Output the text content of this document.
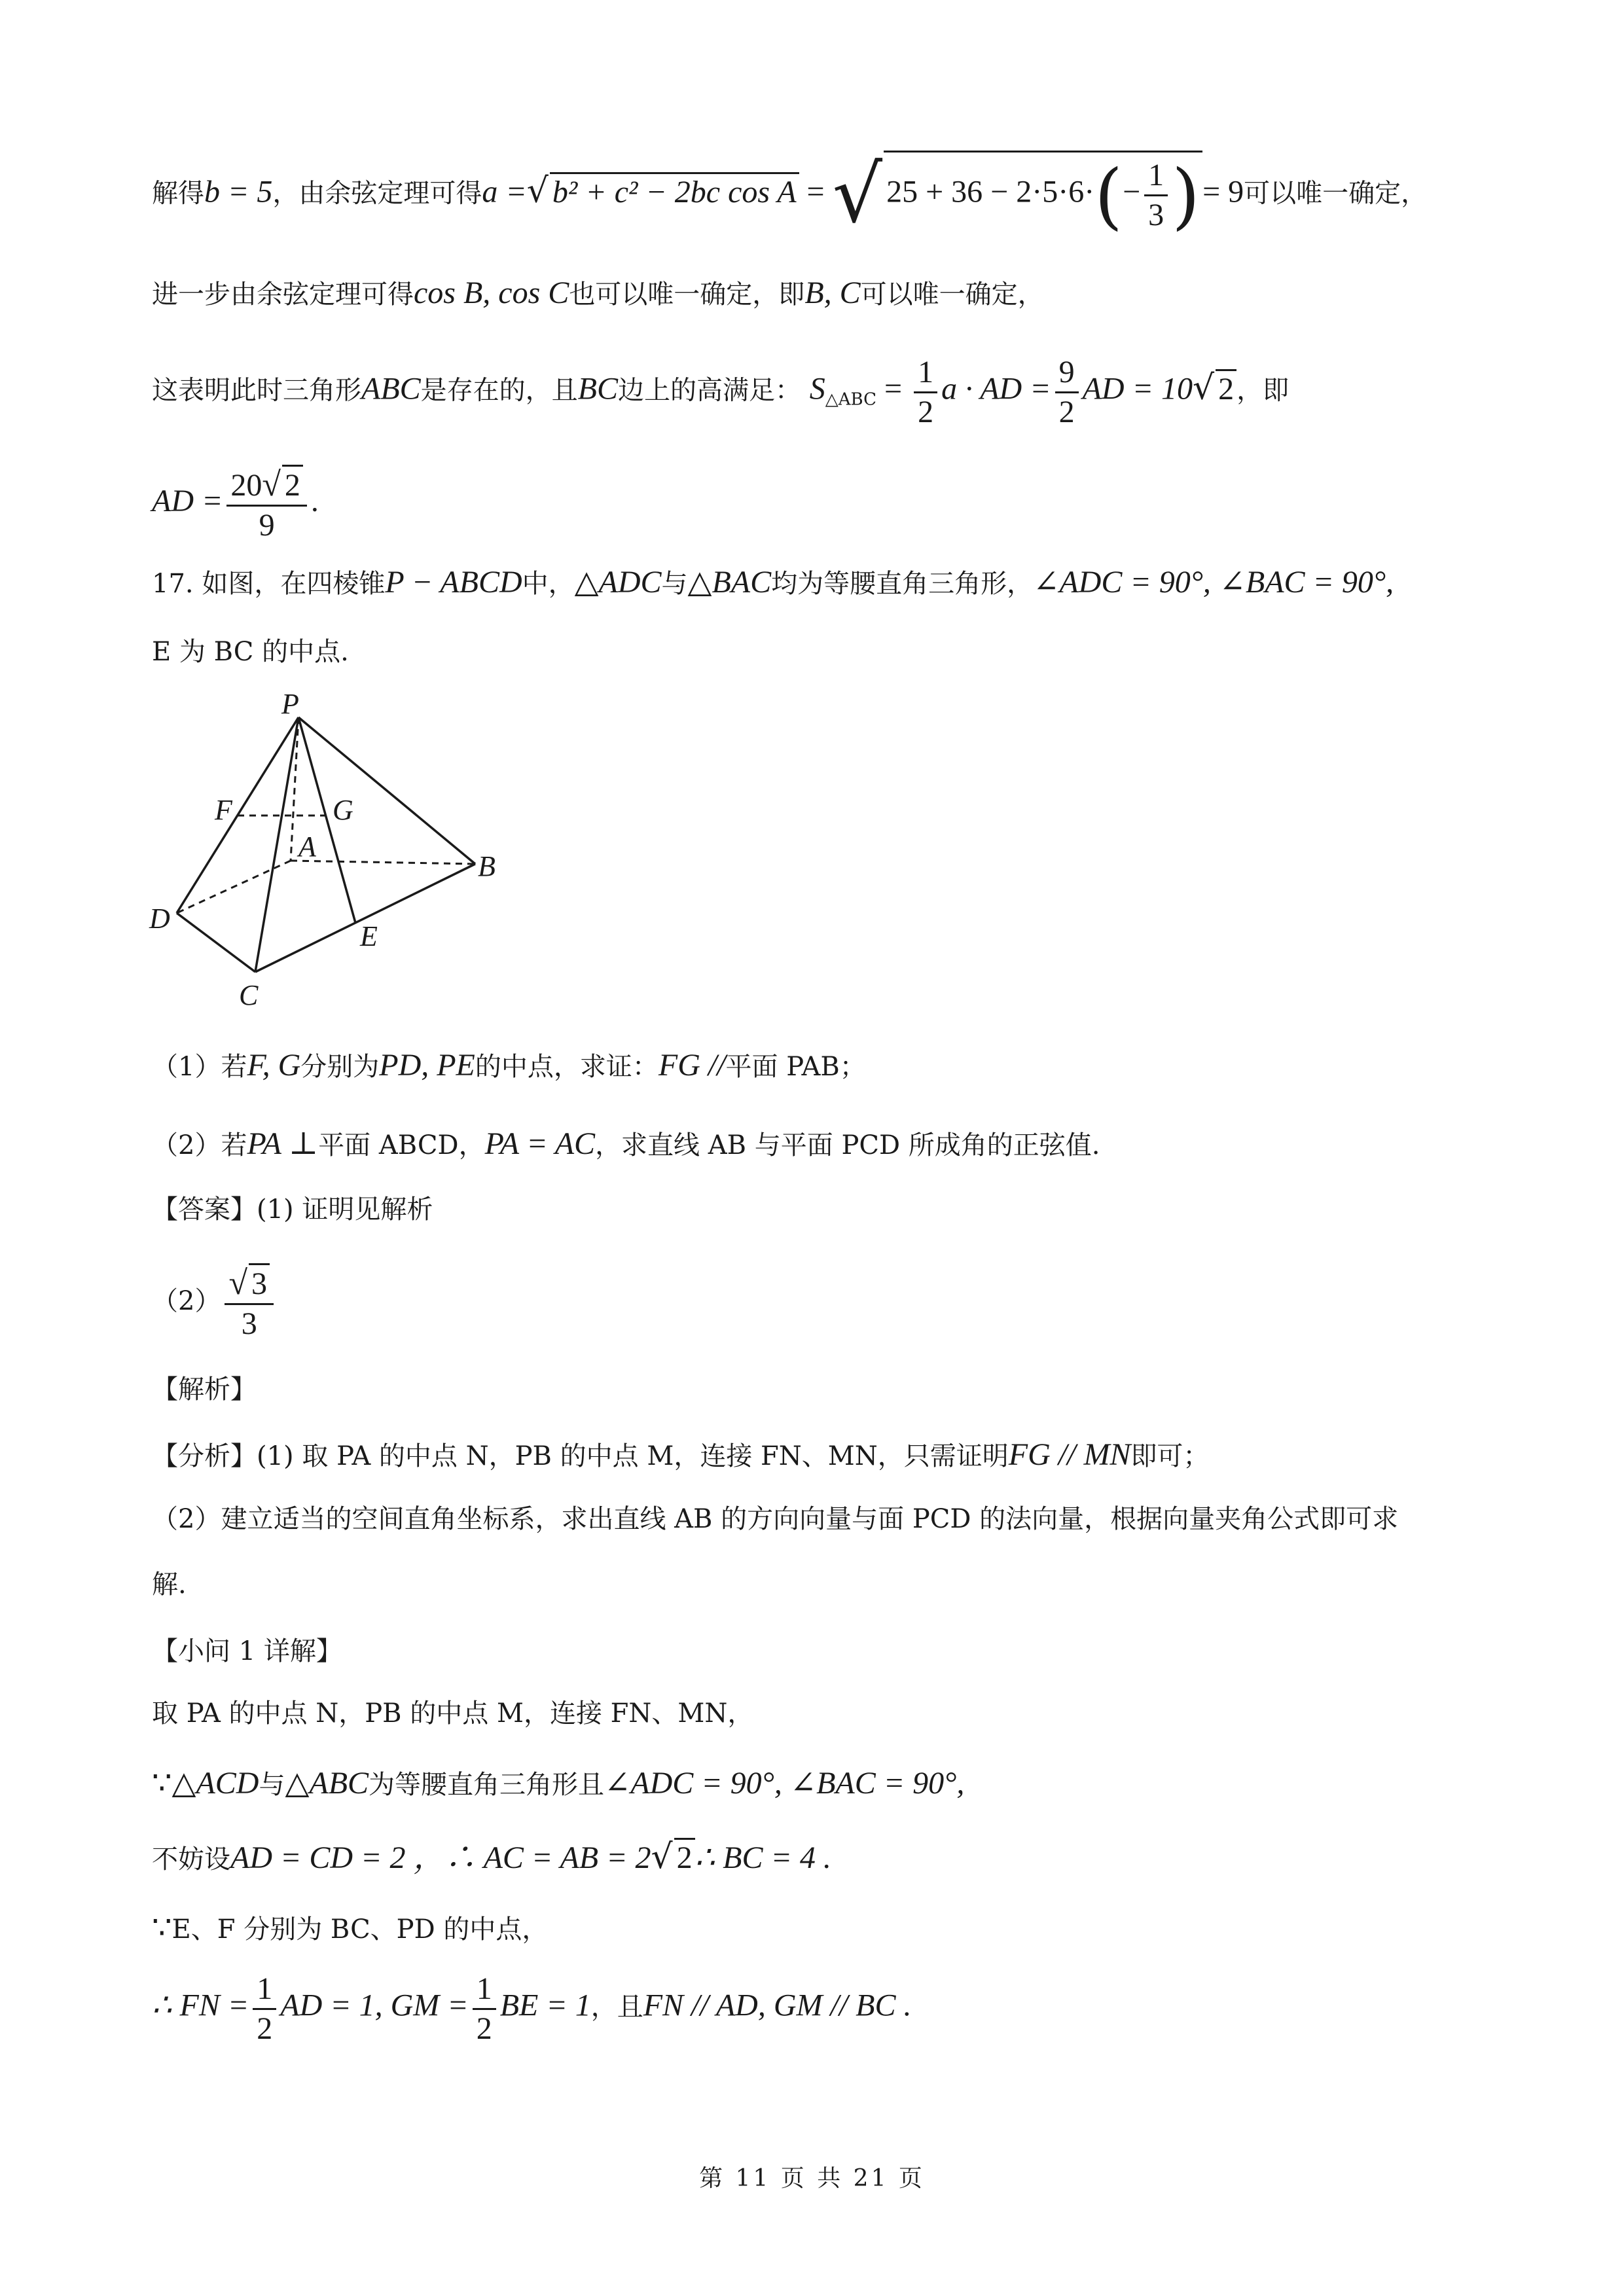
解得b = 5，由余弦定理可得a =√ b² + c² − 2bc cos A = √ $25 + 36 - 2\cdot 5\cdot 6\cdot(- \frac{1}{3}$ )= 9可以唯一确定，
进一步由余弦定理可得cos B, cos C也可以唯一确定，即B, C可以唯一确定，
这表明此时三角形ABC是存在的，且BC边上的高满足： $S_{\triangle ABC} = \frac{1}{2}$ a · AD = $\frac{9}{2}$ AD = 10√ 2 ，即
AD = $\frac{20√ 2}{9}$ .
17. 如图，在四棱锥P − ABCD中，△ADC与△BAC均为等腰直角三角形，∠ADC = 90°, ∠BAC = 90°,
E 为 BC 的中点.
P
F	G
A
B
D
E
C
（1）若F, G分别为PD, PE的中点，求证：FG //平面 PAB；
（2）若PA ⊥平面 ABCD，PA = AC，求直线 AB 与平面 PCD 所成角的正弦值.
【答案】(1) 证明见解析
$(2) \frac{√ 3}{3}$
【解析】
【分析】(1) 取 PA 的中点 N，PB 的中点 M，连接 FN、MN，只需证明FG // MN即可；
（2）建立适当的空间直角坐标系，求出直线 AB 的方向向量与面 PCD 的法向量，根据向量夹角公式即可求
解.
【小问 1 详解】
取 PA 的中点 N，PB 的中点 M，连接 FN、MN，
∵△ACD与△ABC为等腰直角三角形且∠ADC = 90°, ∠BAC = 90°,
不妨设AD = CD = 2 ，∴ AC = AB = 2√ 2∴ BC = 4 .
∵E、F 分别为 BC、PD 的中点，
∴ FN = $\frac{1}{2}$ AD = 1, GM = $\frac{1}{2}$ BE = 1，且FN // AD, GM // BC .
第 11 页 共 21 页
